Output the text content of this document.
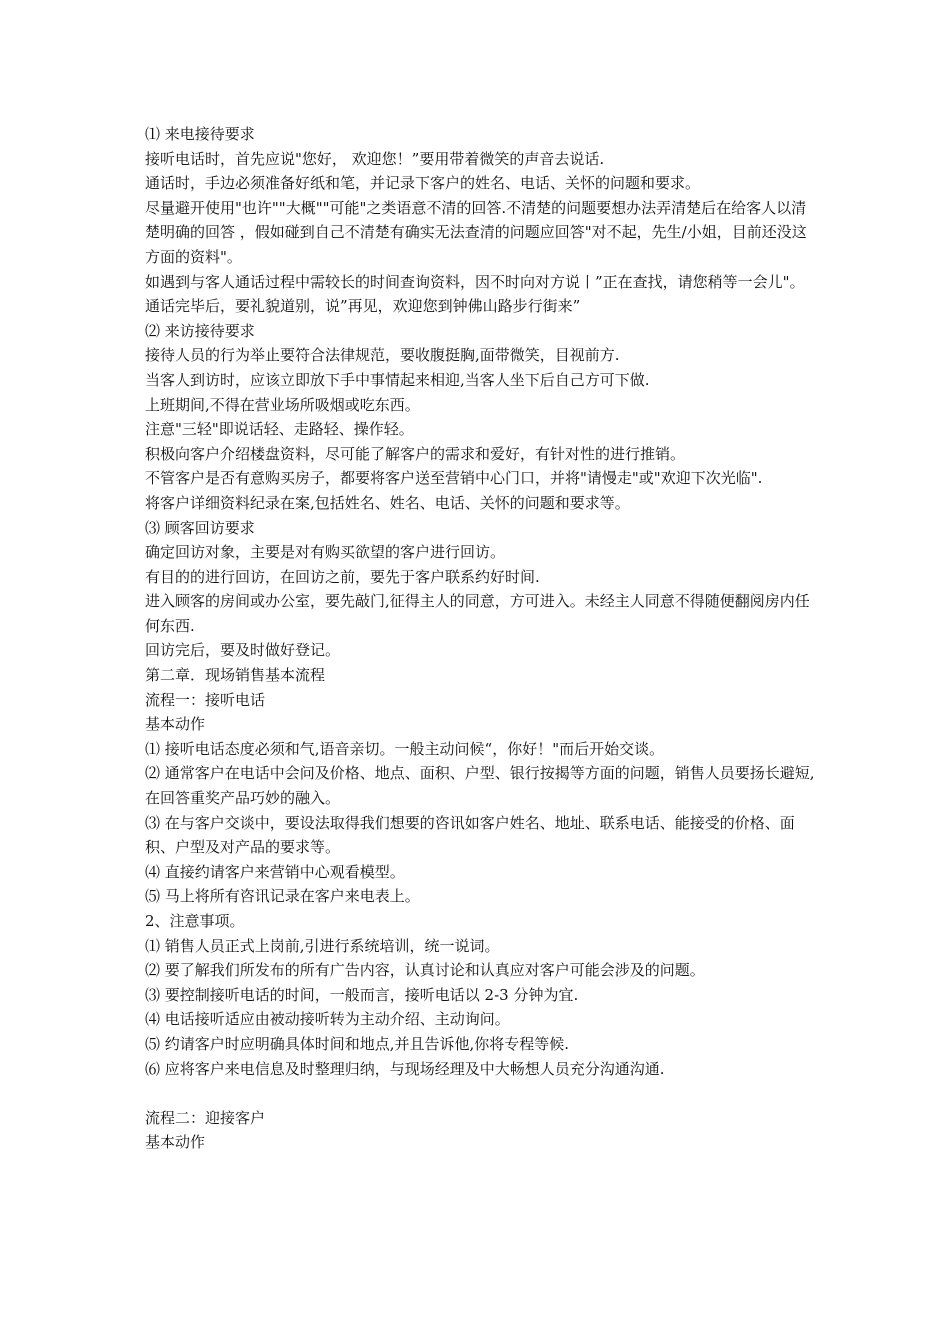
⑴ 来电接待要求

接听电话时，首先应说"您好， 欢迎您！”要用带着微笑的声音去说话.

通话时，手边必须准备好纸和笔，并记录下客户的姓名、电话、关怀的问题和要求。

尽量避开使用"也许""大概""可能"之类语意不清的回答.不清楚的问题要想办法弄清楚后在给客人以清楚明确的回答 ，假如碰到自己不清楚有确实无法查清的问题应回答"对不起，先生/小姐，目前还没这方面的资料"。

如遇到与客人通话过程中需较长的时间查询资料，因不时向对方说丨”正在查找，请您稍等一会儿"。

通话完毕后，要礼貌道别，说”再见，欢迎您到钟佛山路步行街来”

⑵ 来访接待要求

接待人员的行为举止要符合法律规范，要收腹挺胸,面带微笑，目视前方.

当客人到访时，应该立即放下手中事情起来相迎,当客人坐下后自己方可下做.

上班期间,不得在营业场所吸烟或吃东西。

注意"三轻"即说话轻、走路轻、操作轻。

积极向客户介绍楼盘资料，尽可能了解客户的需求和爱好，有针对性的进行推销。

不管客户是否有意购买房子，都要将客户送至营销中心门口，并将"请慢走"或"欢迎下次光临".

将客户详细资料纪录在案,包括姓名、姓名、电话、关怀的问题和要求等。

⑶ 顾客回访要求

确定回访对象，主要是对有购买欲望的客户进行回访。

有目的的进行回访，在回访之前，要先于客户联系约好时间.

进入顾客的房间或办公室，要先敲门,征得主人的同意，方可进入。未经主人同意不得随便翻阅房内任何东西.

回访完后，要及时做好登记。

第二章．现场销售基本流程

流程一：接听电话

基本动作

⑴ 接听电话态度必须和气,语音亲切。一般主动问候“，你好！"而后开始交谈。

⑵ 通常客户在电话中会问及价格、地点、面积、户型、银行按揭等方面的问题，销售人员要扬长避短,在回答重奖产品巧妙的融入。

⑶ 在与客户交谈中，要设法取得我们想要的咨讯如客户姓名、地址、联系电话、能接受的价格、面积、户型及对产品的要求等。

⑷ 直接约请客户来营销中心观看模型。

⑸ 马上将所有咨讯记录在客户来电表上。

2、注意事项。

⑴ 销售人员正式上岗前,引进行系统培训，统一说词。

⑵ 要了解我们所发布的所有广告内容，认真讨论和认真应对客户可能会涉及的问题。

⑶ 要控制接听电话的时间，一般而言，接听电话以 2-3 分钟为宜.

⑷ 电话接听适应由被动接听转为主动介绍、主动询问。

⑸ 约请客户时应明确具体时间和地点,并且告诉他,你将专程等候.

⑹ 应将客户来电信息及时整理归纳，与现场经理及中大畅想人员充分沟通沟通.

流程二：迎接客户

基本动作
